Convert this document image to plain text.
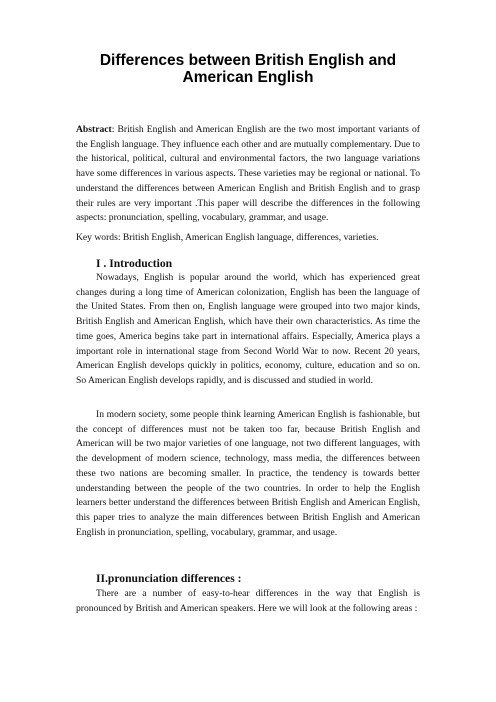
Differences between British English and
American English

Abstract: British English and American English are the two most important variants of the English language. They influence each other and are mutually complementary. Due to the historical, political, cultural and environmental factors, the two language variations have some differences in various aspects. These varieties may be regional or national. To understand the differences between American English and British English and to grasp their rules are very important .This paper will describe the differences in the following aspects: pronunciation, spelling, vocabulary, grammar, and usage.

Key words: British English, American English language, differences, varieties.

I . Introduction

Nowadays, English is popular around the world, which has experienced great changes during a long time of American colonization, English has been the language of the United States. From then on, English language were grouped into two major kinds, British English and American English, which have their own characteristics. As time the time goes, America begins take part in international affairs. Especially, America plays a important role in international stage from Second World War to now. Recent 20 years, American English develops quickly in politics, economy, culture, education and so on. So American English develops rapidly, and is discussed and studied in world.

In modern society, some people think learning American English is fashionable, but the concept of differences must not be taken too far, because British English and American will be two major varieties of one language, not two different languages, with the development of modern science, technology, mass media, the differences between these two nations are becoming smaller. In practice, the tendency is towards better understanding between the people of the two countries. In order to help the English learners better understand the differences between British English and American English, this paper tries to analyze the main differences between British English and American English in pronunciation, spelling, vocabulary, grammar, and usage.

II.pronunciation differences :

There are a number of easy-to-hear differences in the way that English is pronounced by British and American speakers. Here we will look at the following areas :
